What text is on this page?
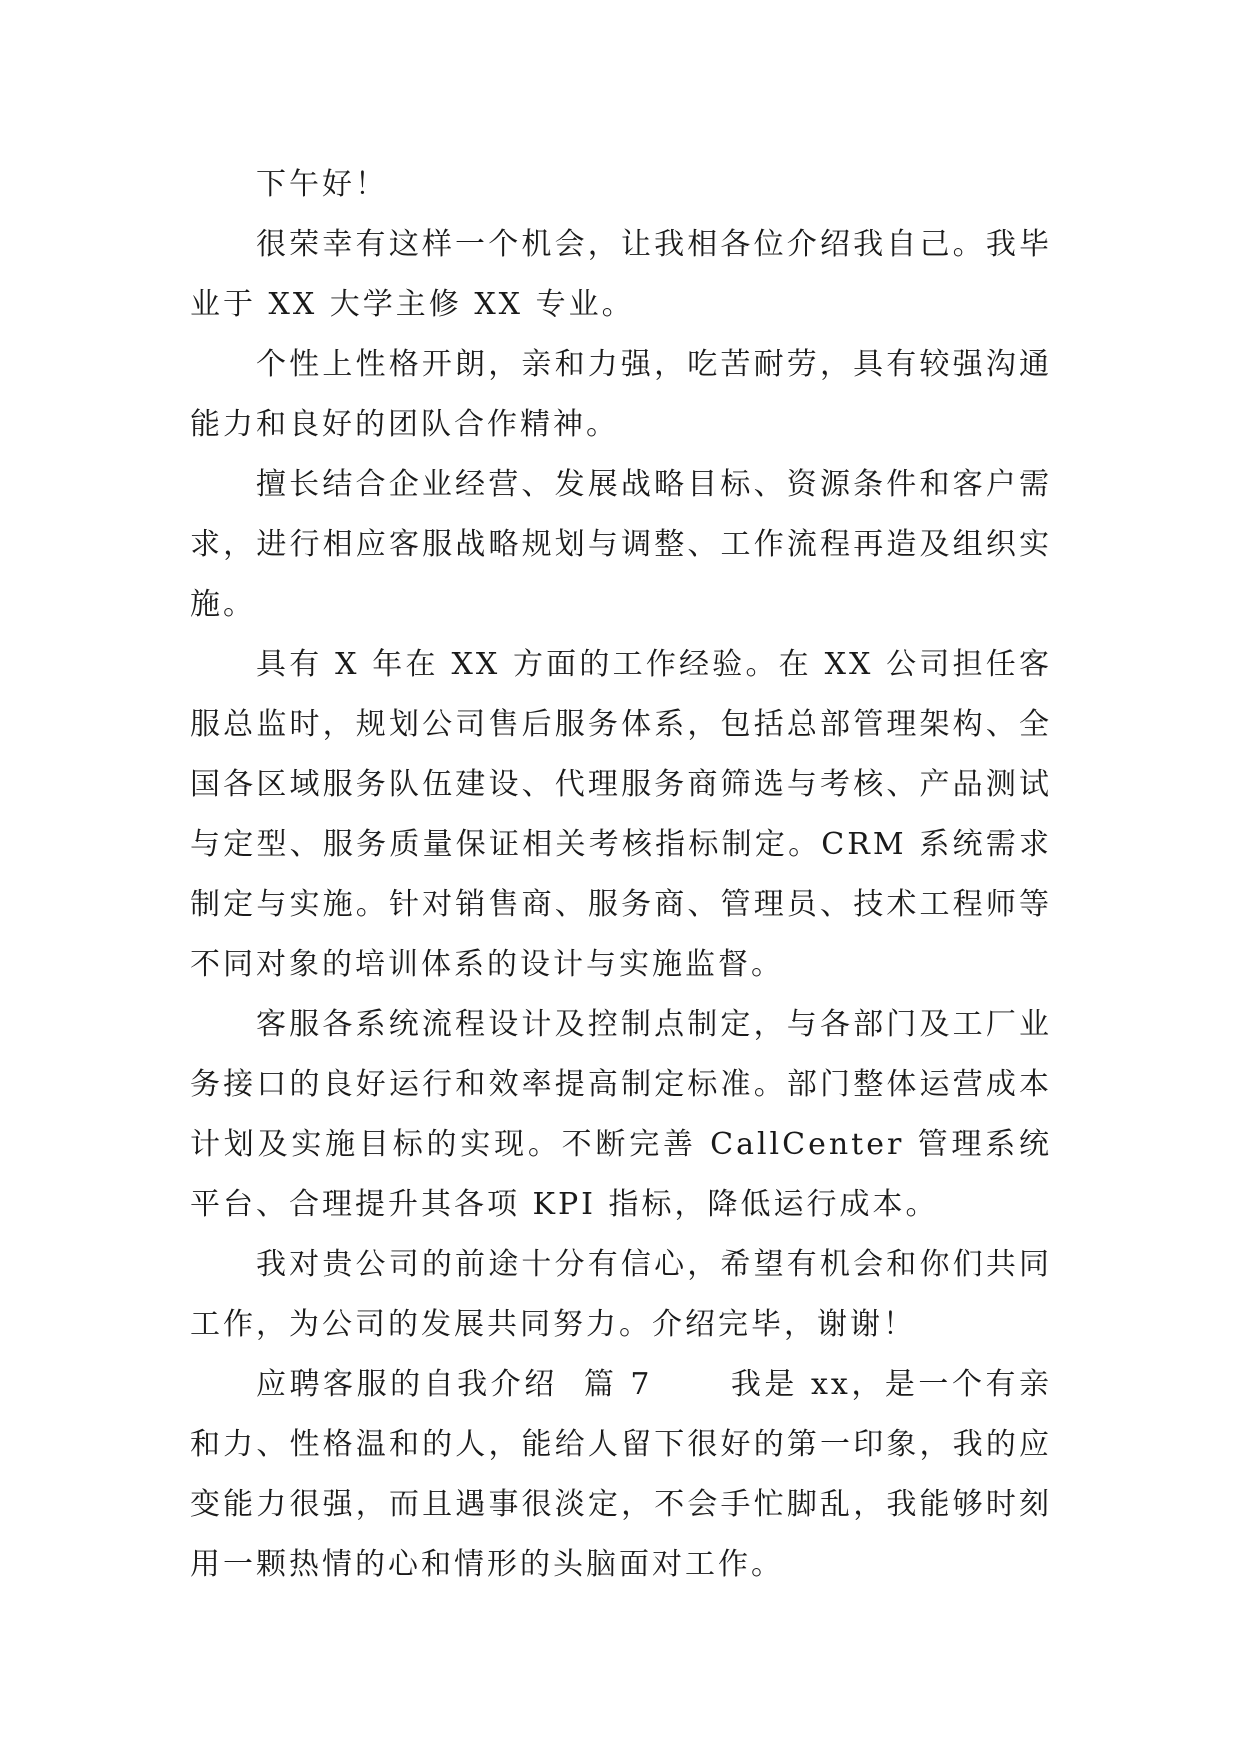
下午好！

很荣幸有这样一个机会，让我相各位介绍我自己。我毕业于 XX 大学主修 XX 专业。

个性上性格开朗，亲和力强，吃苦耐劳，具有较强沟通能力和良好的团队合作精神。

擅长结合企业经营、发展战略目标、资源条件和客户需求，进行相应客服战略规划与调整、工作流程再造及组织实施。

具有 X 年在 XX 方面的工作经验。在 XX 公司担任客服总监时，规划公司售后服务体系，包括总部管理架构、全国各区域服务队伍建设、代理服务商筛选与考核、产品测试与定型、服务质量保证相关考核指标制定。CRM 系统需求制定与实施。针对销售商、服务商、管理员、技术工程师等不同对象的培训体系的设计与实施监督。

客服各系统流程设计及控制点制定，与各部门及工厂业务接口的良好运行和效率提高制定标准。部门整体运营成本计划及实施目标的实现。不断完善 CallCenter 管理系统平台、合理提升其各项 KPI 指标，降低运行成本。

我对贵公司的前途十分有信心，希望有机会和你们共同工作，为公司的发展共同努力。介绍完毕，谢谢！

应聘客服的自我介绍  篇 7      我是 xx，是一个有亲和力、性格温和的人，能给人留下很好的第一印象，我的应变能力很强，而且遇事很淡定，不会手忙脚乱，我能够时刻用一颗热情的心和情形的头脑面对工作。
